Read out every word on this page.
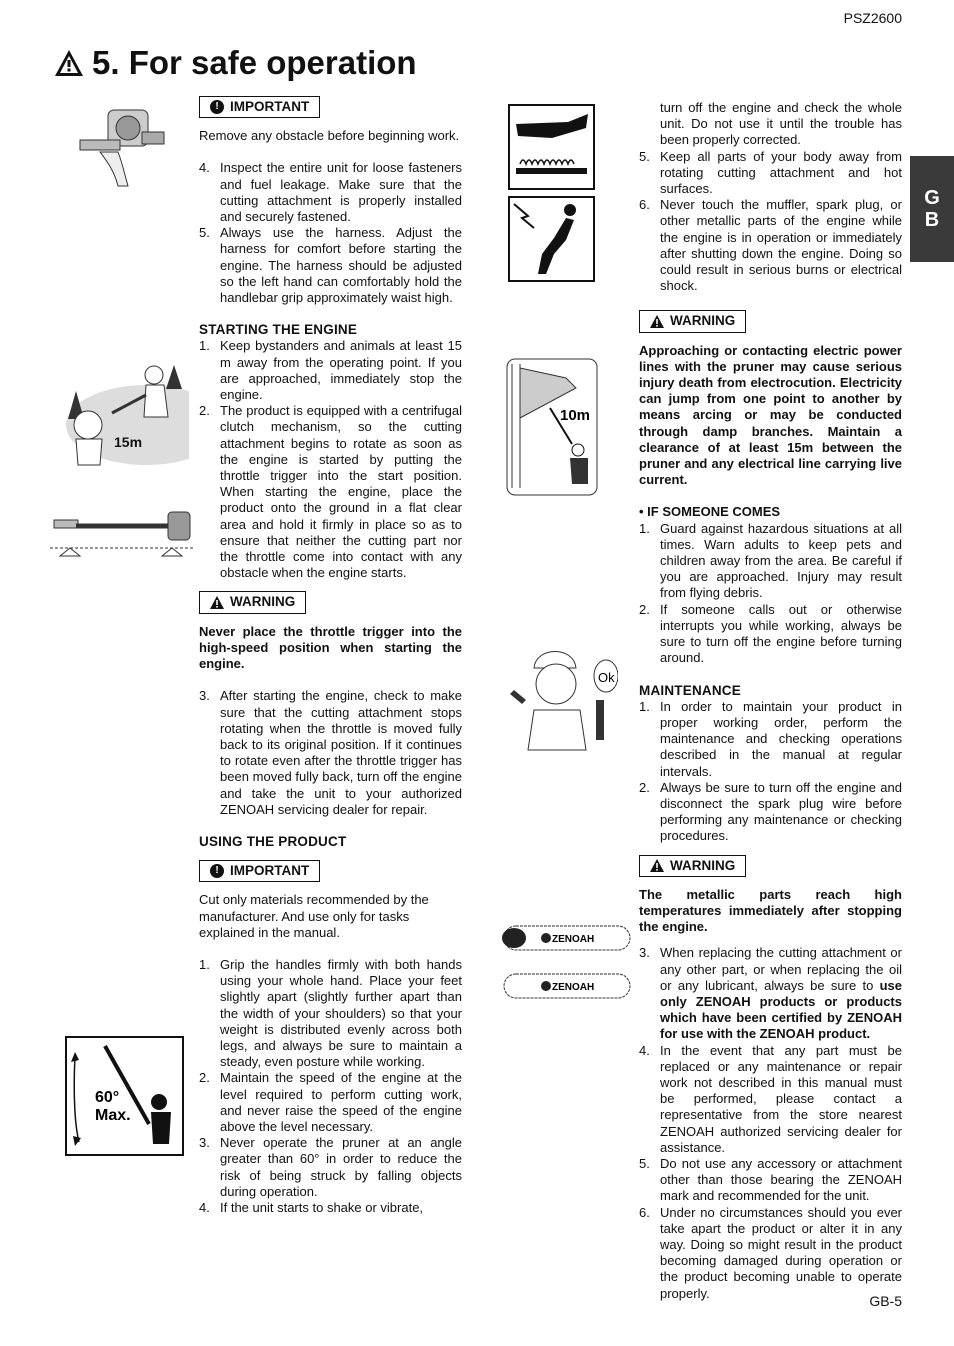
PSZ2600
5. For safe operation
G
B
15m
60°
Max.
10m
Ok
ZENOAH
ZENOAH
! IMPORTANT

Remove any obstacle before beginning work.

4. Inspect the entire unit for loose fasteners and fuel leakage. Make sure that the cutting attachment is properly installed and securely fastened.
5. Always use the harness. Adjust the harness for comfort before starting the engine. The harness should be adjusted so the left hand can comfortably hold the handlebar grip approximately waist high.
STARTING THE ENGINE
1. Keep bystanders and animals at least 15 m away from the operating point. If you are approached, immediately stop the engine.
2. The product is equipped with a centrifugal clutch mechanism, so the cutting attachment begins to rotate as soon as the engine is started by putting the throttle trigger into the start position. When starting the engine, place the product onto the ground in a flat clear area and hold it firmly in place so as to ensure that neither the cutting part nor the throttle come into contact with any obstacle when the engine starts.
WARNING

Never place the throttle trigger into the high-speed position when starting the engine.

3. After starting the engine, check to make sure that the cutting attachment stops rotating when the throttle is moved fully back to its original position. If it continues to rotate even after the throttle trigger has been moved fully back, turn off the engine and take the unit to your authorized ZENOAH servicing dealer for repair.
USING THE PRODUCT
! IMPORTANT

Cut only materials recommended by the manufacturer. And use only for tasks explained in the manual.

1. Grip the handles firmly with both hands using your whole hand. Place your feet slightly apart (slightly further apart than the width of your shoulders) so that your weight is distributed evenly across both legs, and always be sure to maintain a steady, even posture while working.
2. Maintain the speed of the engine at the level required to perform cutting work, and never raise the speed of the engine above the level necessary.
3. Never operate the pruner at an angle greater than 60° in order to reduce the risk of being struck by falling objects during operation.
4. If the unit starts to shake or vibrate,

turn off the engine and check the whole unit. Do not use it until the trouble has been properly corrected.

5. Keep all parts of your body away from rotating cutting attachment and hot surfaces.
6. Never touch the muffler, spark plug, or other metallic parts of the engine while the engine is in operation or immediately after shutting down the engine. Doing so could result in serious burns or electrical shock.
WARNING

Approaching or contacting electric power lines with the pruner may cause serious injury death from electrocution. Electricity can jump from one point to another by means arcing or may be conducted through damp branches. Maintain a clearance of at least 15m between the pruner and any electrical line carrying live current.

• IF SOMEONE COMES
1. Guard against hazardous situations at all times. Warn adults to keep pets and children away from the area. Be careful if you are approached. Injury may result from flying debris.
2. If someone calls out or otherwise interrupts you while working, always be sure to turn off the engine before turning around.
MAINTENANCE
1. In order to maintain your product in proper working order, perform the maintenance and checking operations described in the manual at regular intervals.
2. Always be sure to turn off the engine and disconnect the spark plug wire before performing any maintenance or checking procedures.
WARNING

The metallic parts reach high temperatures immediately after stopping the engine.

3. When replacing the cutting attachment or any other part, or when replacing the oil or any lubricant, always be sure to use only ZENOAH products or products which have been certified by ZENOAH for use with the ZENOAH product.
4. In the event that any part must be replaced or any maintenance or repair work not described in this manual must be performed, please contact a representative from the store nearest ZENOAH authorized servicing dealer for assistance.
5. Do not use any accessory or attachment other than those bearing the ZENOAH mark and recommended for the unit.
6. Under no circumstances should you ever take apart the product or alter it in any way. Doing so might result in the product becoming damaged during operation or the product becoming unable to operate properly.	GB-5
